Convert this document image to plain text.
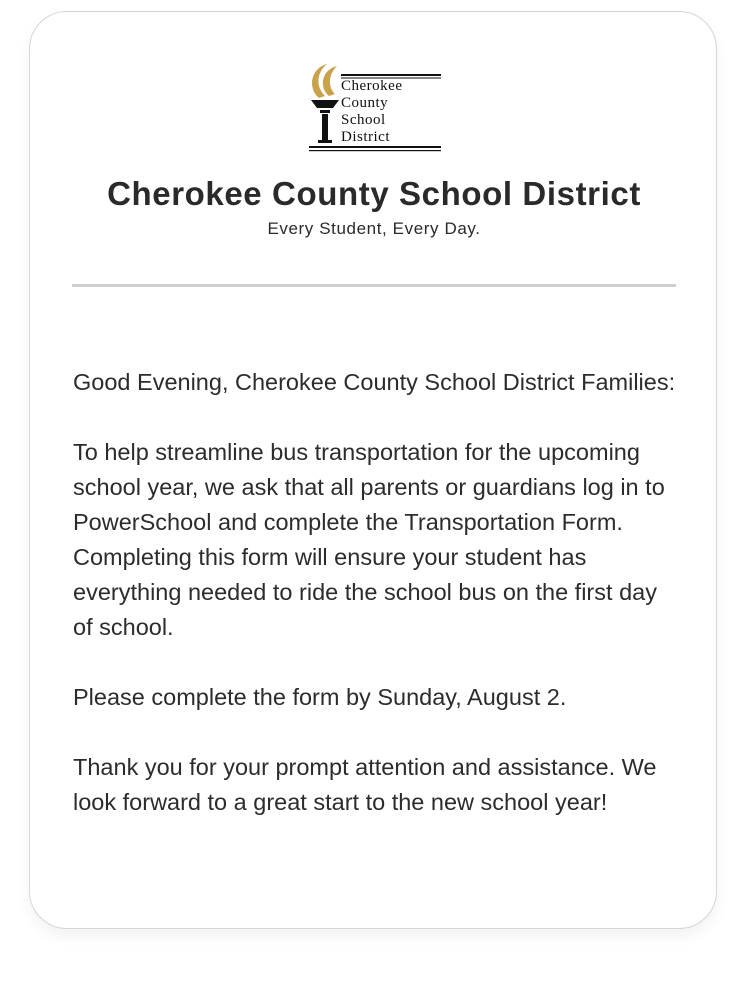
Cherokee
County
School
District
Cherokee County School District
Every Student, Every Day.

Good Evening, Cherokee County School District Families:

To help streamline bus transportation for the upcoming school year, we ask that all parents or guardians log in to PowerSchool and complete the Transportation Form. Completing this form will ensure your student has everything needed to ride the school bus on the first day of school.

Please complete the form by Sunday, August 2.

Thank you for your prompt attention and assistance. We look forward to a great start to the new school year!
